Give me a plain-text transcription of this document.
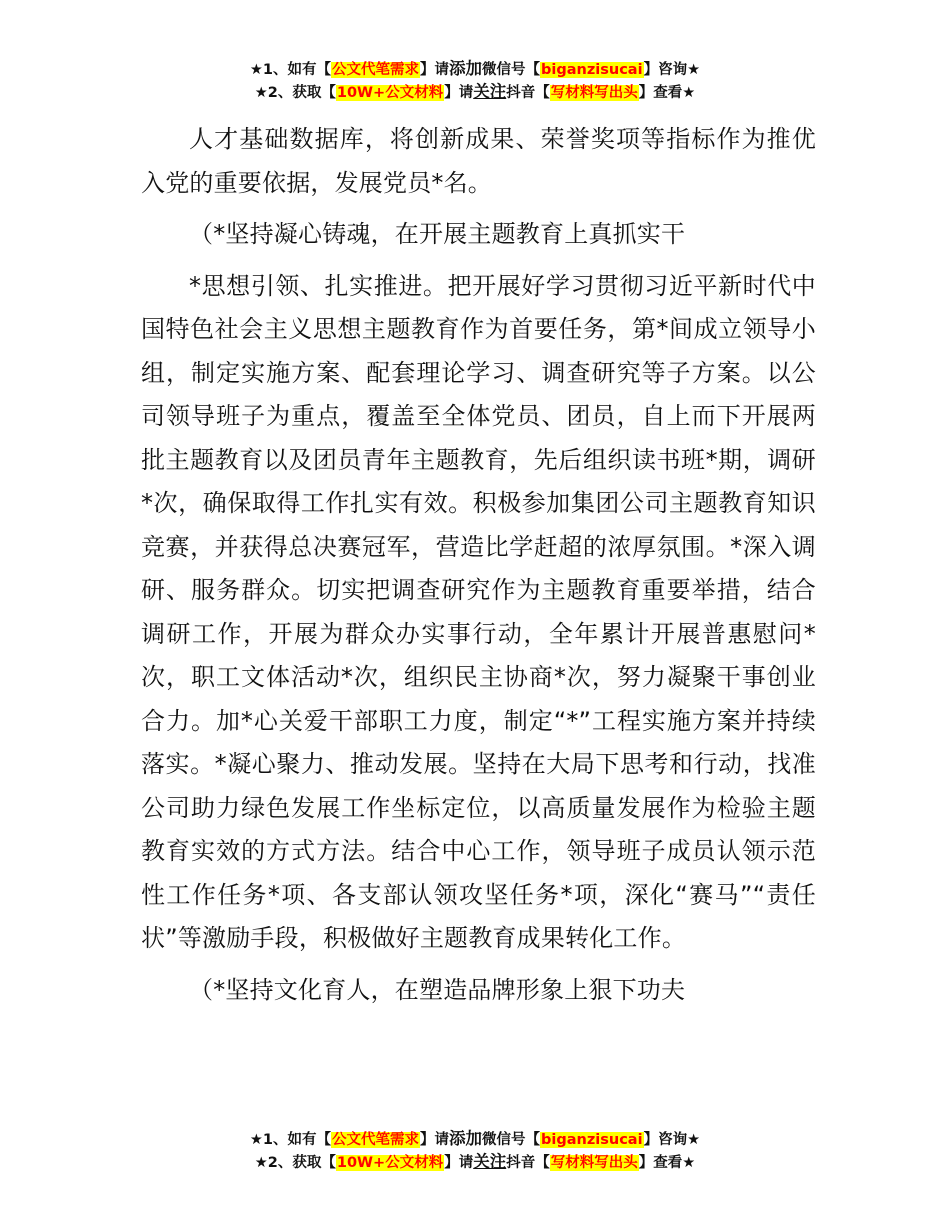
★1、如有【公文代笔需求】请添加微信号【biganzisucai】咨询★
★2、获取【10W+公文材料】请关注抖音【写材料写出头】查看★

人才基础数据库，将创新成果、荣誉奖项等指标作为推优入党的重要依据，发展党员*名。

（*坚持凝心铸魂，在开展主题教育上真抓实干

*思想引领、扎实推进。把开展好学习贯彻习近平新时代中国特色社会主义思想主题教育作为首要任务，第*间成立领导小组，制定实施方案、配套理论学习、调查研究等子方案。以公司领导班子为重点，覆盖至全体党员、团员，自上而下开展两批主题教育以及团员青年主题教育，先后组织读书班*期，调研*次，确保取得工作扎实有效。积极参加集团公司主题教育知识竞赛，并获得总决赛冠军，营造比学赶超的浓厚氛围。*深入调研、服务群众。切实把调查研究作为主题教育重要举措，结合调研工作，开展为群众办实事行动，全年累计开展普惠慰问*次，职工文体活动*次，组织民主协商*次，努力凝聚干事创业合力。加*心关爱干部职工力度，制定“*”工程实施方案并持续落实。*凝心聚力、推动发展。坚持在大局下思考和行动，找准公司助力绿色发展工作坐标定位，以高质量发展作为检验主题教育实效的方式方法。结合中心工作，领导班子成员认领示范性工作任务*项、各支部认领攻坚任务*项，深化“赛马”“责任状”等激励手段，积极做好主题教育成果转化工作。

（*坚持文化育人，在塑造品牌形象上狠下功夫

★1、如有【公文代笔需求】请添加微信号【biganzisucai】咨询★
★2、获取【10W+公文材料】请关注抖音【写材料写出头】查看★
